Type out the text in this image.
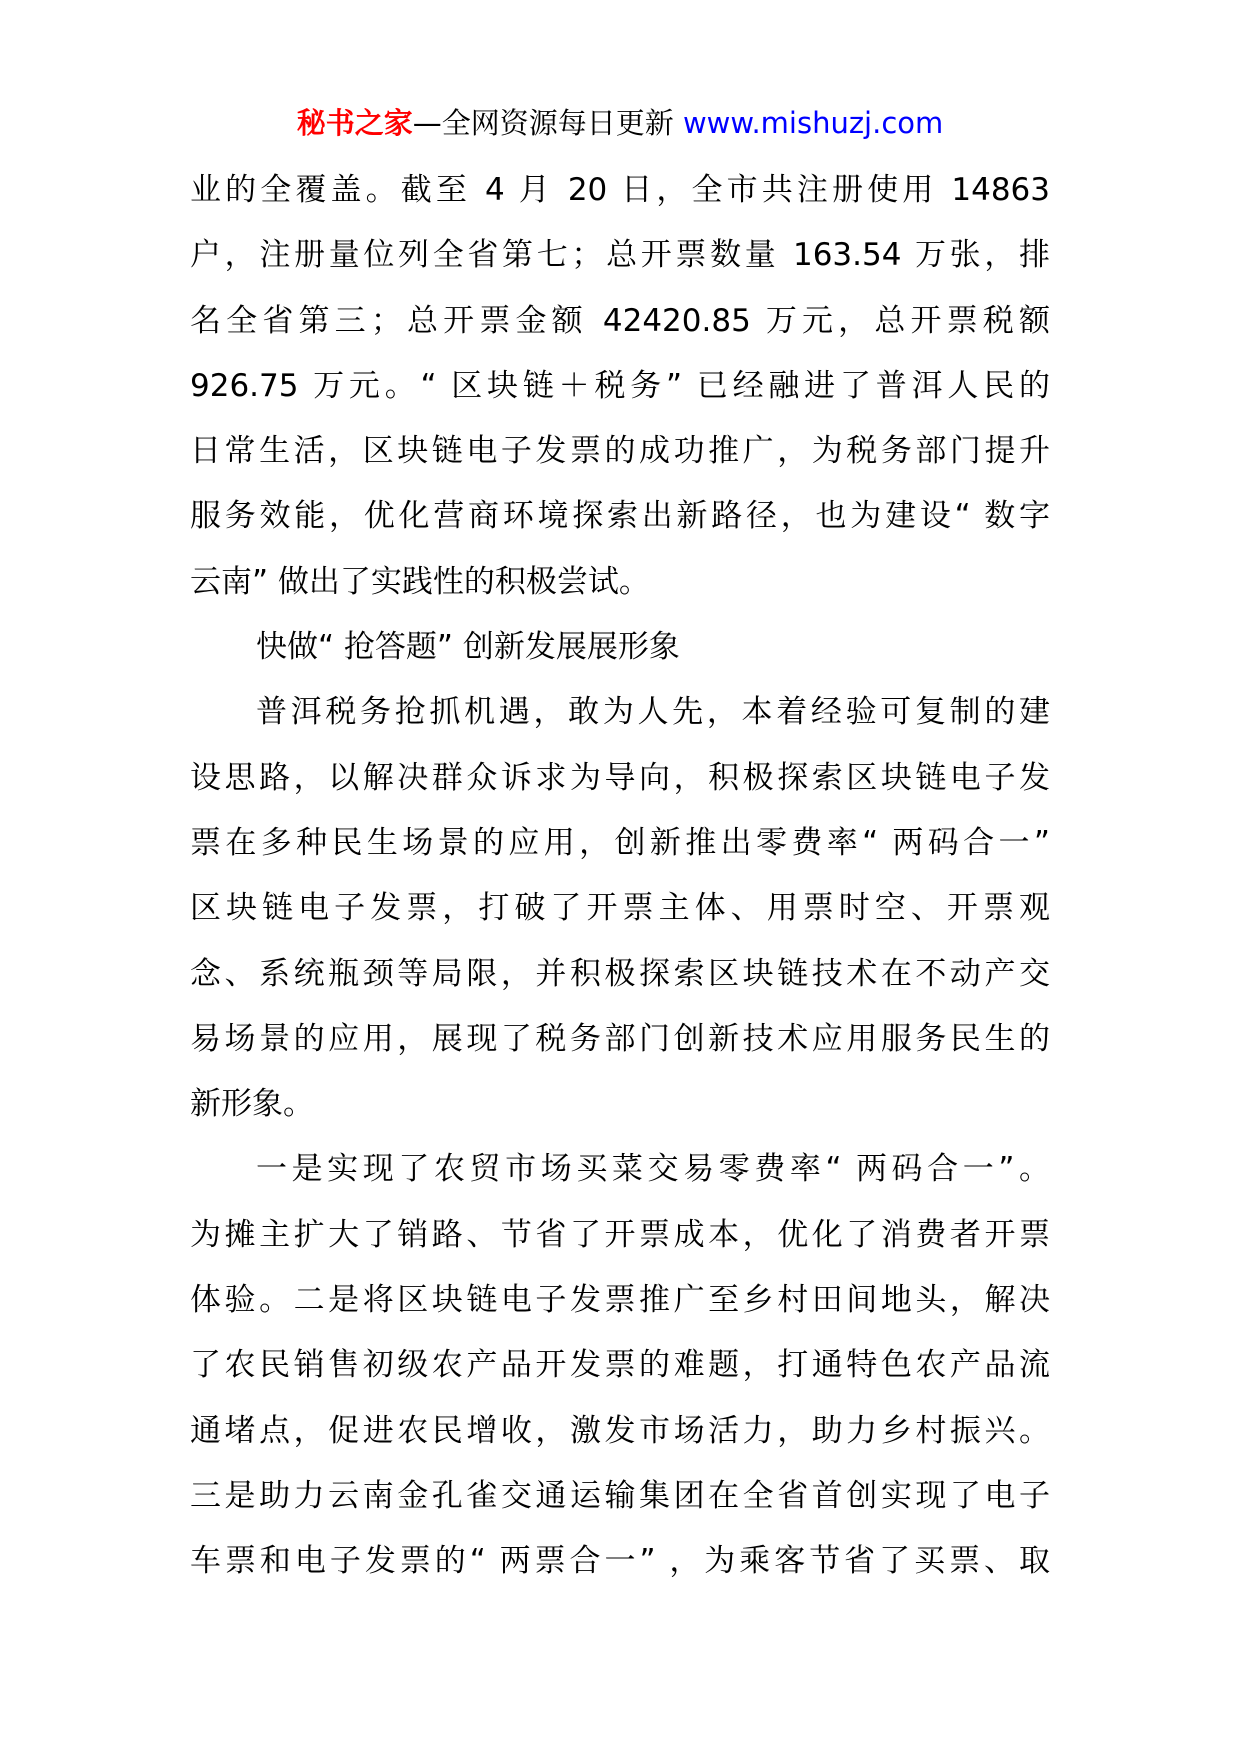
秘书之家—全网资源每日更新 www.mishuzj.com
业的全覆盖。截至 4 月 20 日，全市共注册使用 14863
户，注册量位列全省第七；总开票数量 163.54 万张，排
名全省第三；总开票金额 42420.85 万元，总开票税额
926.75 万元。“ 区块链＋税务” 已经融进了普洱人民的
日常生活，区块链电子发票的成功推广，为税务部门提升
服务效能，优化营商环境探索出新路径，也为建设“ 数字
云南” 做出了实践性的积极尝试。
快做“ 抢答题” 创新发展展形象
普洱税务抢抓机遇，敢为人先，本着经验可复制的建
设思路，以解决群众诉求为导向，积极探索区块链电子发
票在多种民生场景的应用，创新推出零费率“ 两码合一”
区块链电子发票，打破了开票主体、用票时空、开票观
念、系统瓶颈等局限，并积极探索区块链技术在不动产交
易场景的应用，展现了税务部门创新技术应用服务民生的
新形象。
一是实现了农贸市场买菜交易零费率“ 两码合一”。
为摊主扩大了销路、节省了开票成本，优化了消费者开票
体验。二是将区块链电子发票推广至乡村田间地头，解决
了农民销售初级农产品开发票的难题，打通特色农产品流
通堵点，促进农民增收，激发市场活力，助力乡村振兴。
三是助力云南金孔雀交通运输集团在全省首创实现了电子
车票和电子发票的“ 两票合一” ，为乘客节省了买票、取
